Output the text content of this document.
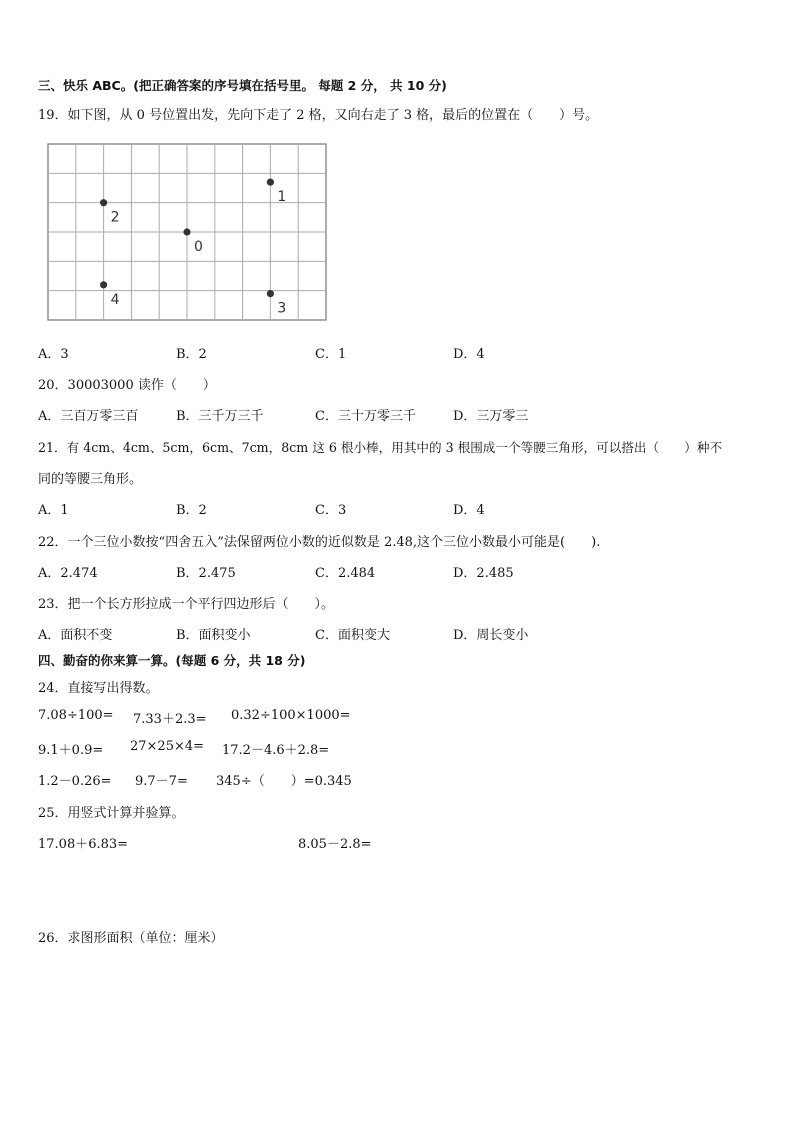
三、快乐 ABC。(把正确答案的序号填在括号里。 每题 2 分， 共 10 分)
19．如下图，从 0 号位置出发，先向下走了 2 格，又向右走了 3 格，最后的位置在（　　）号。
0
1
2
3
4
A．3	B．2	C．1	D．4
20．30003000 读作（　　）
A．三百万零三百	B．三千万三千	C．三十万零三千	D．三万零三
21．有 4cm、4cm、5cm，6cm、7cm，8cm 这 6 根小棒，用其中的 3 根围成一个等腰三角形，可以搭出（　　）种不
同的等腰三角形。
A．1	B．2	C．3	D．4
22．一个三位小数按“四舍五入”法保留两位小数的近似数是 2.48,这个三位小数最小可能是(　　).
A．2.474	B．2.475	C．2.484	D．2.485
23．把一个长方形拉成一个平行四边形后（　　）。
A．面积不变	B．面积变小	C．面积变大	D．周长变小
四、勤奋的你来算一算。(每题 6 分，共 18 分)
24．直接写出得数。
7.08÷100= 7.33＋2.3= 0.32÷100×1000=
9.1＋0.9= 27×25×4= 17.2－4.6＋2.8=
1.2－0.26= 9.7－7= 345÷（　　）=0.345
25．用竖式计算并验算。
17.08＋6.83=	8.05－2.8=
26．求图形面积（单位：厘米）
